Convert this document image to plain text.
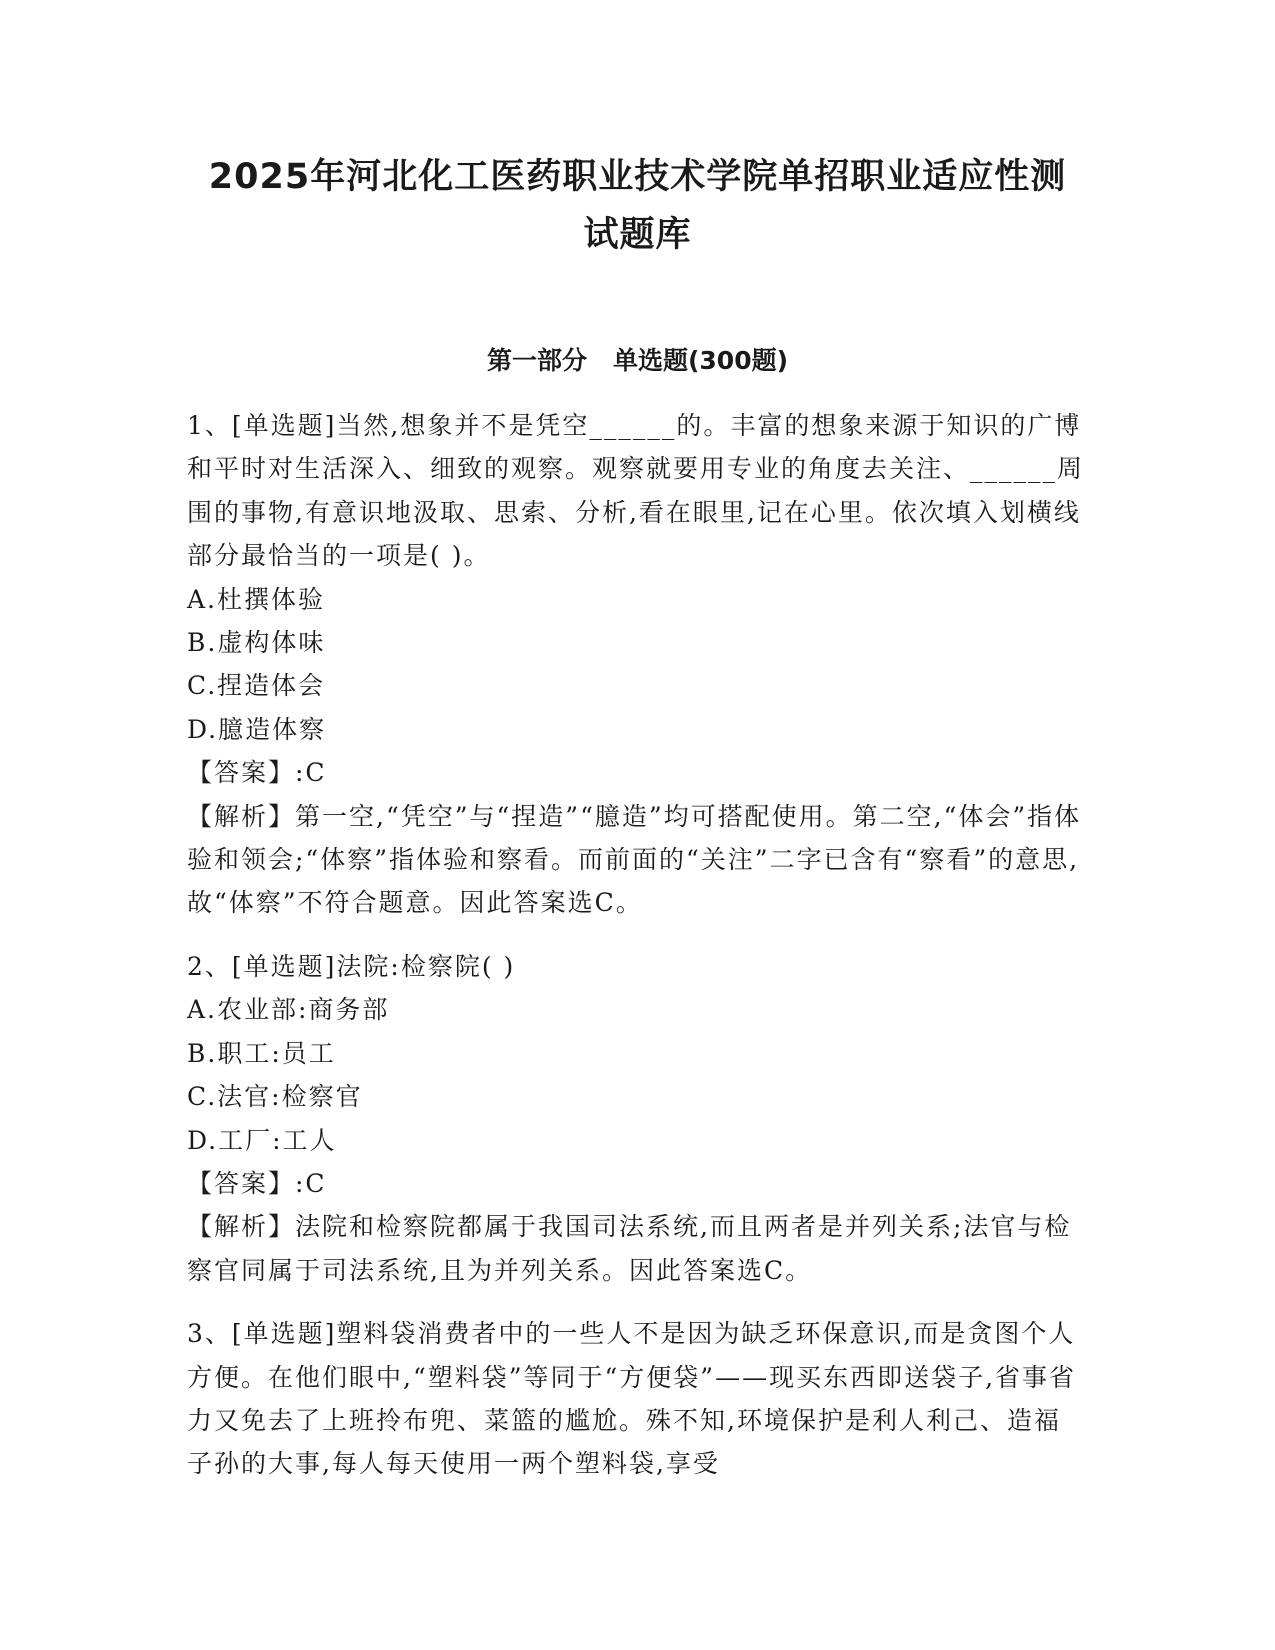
2025年河北化工医药职业技术学院单招职业适应性测
试题库
第一部分 单选题(300题)

1、[单选题]当然,想象并不是凭空______的。丰富的想象来源于知识的广博和平时对生活深入、细致的观察。观察就要用专业的角度去关注、______周围的事物,有意识地汲取、思索、分析,看在眼里,记在心里。依次填入划横线部分最恰当的一项是( )。

A.杜撰体验

B.虚构体味

C.捏造体会

D.臆造体察

【答案】:C

【解析】第一空,“凭空”与“捏造”“臆造”均可搭配使用。第二空,“体会”指体验和领会;“体察”指体验和察看。而前面的“关注”二字已含有“察看”的意思,故“体察”不符合题意。因此答案选C。

2、[单选题]法院:检察院( )

A.农业部:商务部

B.职工:员工

C.法官:检察官

D.工厂:工人

【答案】:C

【解析】法院和检察院都属于我国司法系统,而且两者是并列关系;法官与检察官同属于司法系统,且为并列关系。因此答案选C。

3、[单选题]塑料袋消费者中的一些人不是因为缺乏环保意识,而是贪图个人方便。在他们眼中,“塑料袋”等同于“方便袋”——现买东西即送袋子,省事省力又免去了上班拎布兜、菜篮的尴尬。殊不知,环境保护是利人利己、造福子孙的大事,每人每天使用一两个塑料袋,享受
